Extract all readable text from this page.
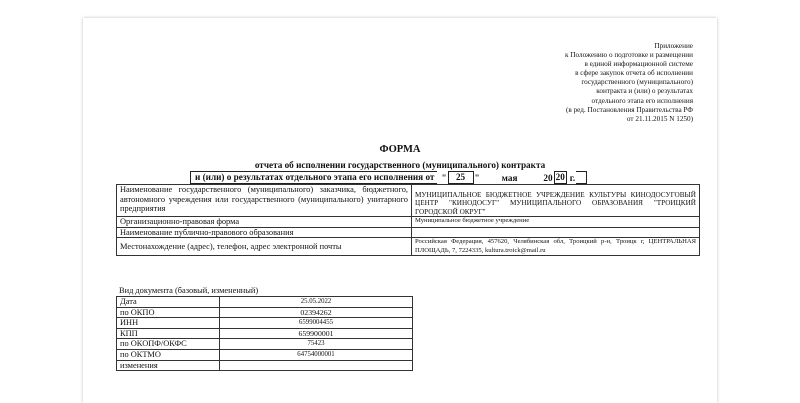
Приложение
к Положению о подготовке и размещении
в единой информационной системе
в сфере закупок отчета об исполнении
государственного (муниципального)
контракта и (или) о результатах
отдельного этапа его исполнения
(в ред. Постановления Правительства РФ
от 21.11.2015 N 1250)
ФОРМА
отчета об исполнении государственного (муниципального) контракта
и (или) о результатах отдельного этапа его исполнения от "	25	" мая	20 20 г.
Наименование государственного (муниципального) заказчика, бюджетного, автономного учреждения или государственного (муниципального) унитарного предприятия	МУНИЦИПАЛЬНОЕ БЮДЖЕТНОЕ УЧРЕЖДЕНИЕ КУЛЬТУРЫ КИНОДОСУГОВЫЙ ЦЕНТР "КИНОДОСУГ" МУНИЦИПАЛЬНОГО ОБРАЗОВАНИЯ "ТРОИЦКИЙ ГОРОДСКОЙ ОКРУГ"
Организационно-правовая форма	Муниципальное бюджетное учреждение
Наименование публично-правового образования	
Местонахождение (адрес), телефон, адрес электронной почты	Российская Федерация, 457620, Челябинская обл, Троицкий р-н, Троицк г, ЦЕНТРАЛЬНАЯ ПЛОЩАДЬ, 7, 7224335, kultura.troick@mail.ru
Вид документа (базовый, измененный)
Дата	25.05.2022
по ОКПО	02394262
ИНН	6599004455
КПП	659900001
по ОКОПФ/ОКФС	75423
по ОКТМО	64754000001
изменения	
